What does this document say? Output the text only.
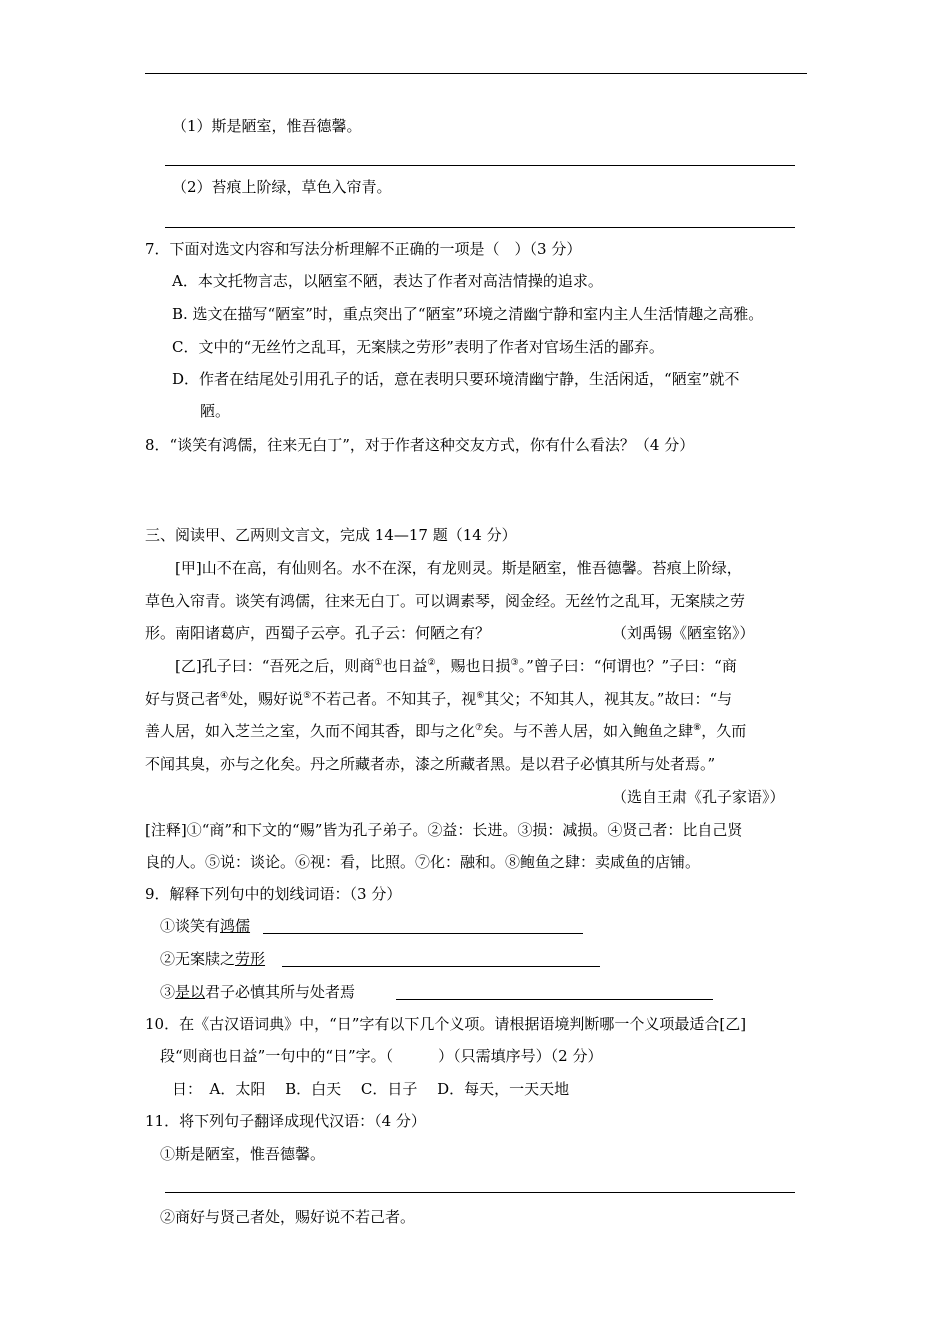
（1）斯是陋室，惟吾德馨。
（2）苔痕上阶绿，草色入帘青。
7．下面对选文内容和写法分析理解不正确的一项是（　）（3 分）
A．本文托物言志，以陋室不陋，表达了作者对高洁情操的追求。
B. 选文在描写“陋室”时，重点突出了“陋室”环境之清幽宁静和室内主人生活情趣之高雅。
C．文中的“无丝竹之乱耳，无案牍之劳形”表明了作者对官场生活的鄙弃。
D．作者在结尾处引用孔子的话，意在表明只要环境清幽宁静，生活闲适，“陋室”就不
陋。
8．“谈笑有鸿儒，往来无白丁”，对于作者这种交友方式，你有什么看法？（4 分）
三、阅读甲、乙两则文言文，完成 14—17 题（14 分）
[甲]山不在高，有仙则名。水不在深，有龙则灵。斯是陋室，惟吾德馨。苔痕上阶绿，
草色入帘青。谈笑有鸿儒，往来无白丁。可以调素琴，阅金经。无丝竹之乱耳，无案牍之劳
形。南阳诸葛庐，西蜀子云亭。孔子云：何陋之有？	（刘禹锡《陋室铭》）
[乙]孔子曰：“吾死之后，则商①也日益②，赐也日损③。”曾子曰：“何谓也？”子曰：“商
好与贤己者④处，赐好说⑤不若己者。不知其子，视⑥其父；不知其人，视其友。”故曰：“与
善人居，如入芝兰之室，久而不闻其香，即与之化⑦矣。与不善人居，如入鲍鱼之肆⑧，久而
不闻其臭，亦与之化矣。丹之所藏者赤，漆之所藏者黑。是以君子必慎其所与处者焉。”
（选自王肃《孔子家语》）
[注释]①“商”和下文的“赐”皆为孔子弟子。②益：长进。③损：减损。④贤己者：比自己贤
良的人。⑤说：谈论。⑥视：看，比照。⑦化：融和。⑧鲍鱼之肆：卖咸鱼的店铺。
9．解释下列句中的划线词语：（3 分）
①谈笑有鸿儒
②无案牍之劳形
③是以君子必慎其所与处者焉
10．在《古汉语词典》中，“日”字有以下几个义项。请根据语境判断哪一个义项最适合[乙]
段“则商也日益”一句中的“日”字。（　　　）（只需填序号）（2 分）
日：　A．太阳　 B．白天　 C．日子　 D．每天，一天天地
11．将下列句子翻译成现代汉语：（4 分）
①斯是陋室，惟吾德馨。
②商好与贤己者处，赐好说不若己者。
